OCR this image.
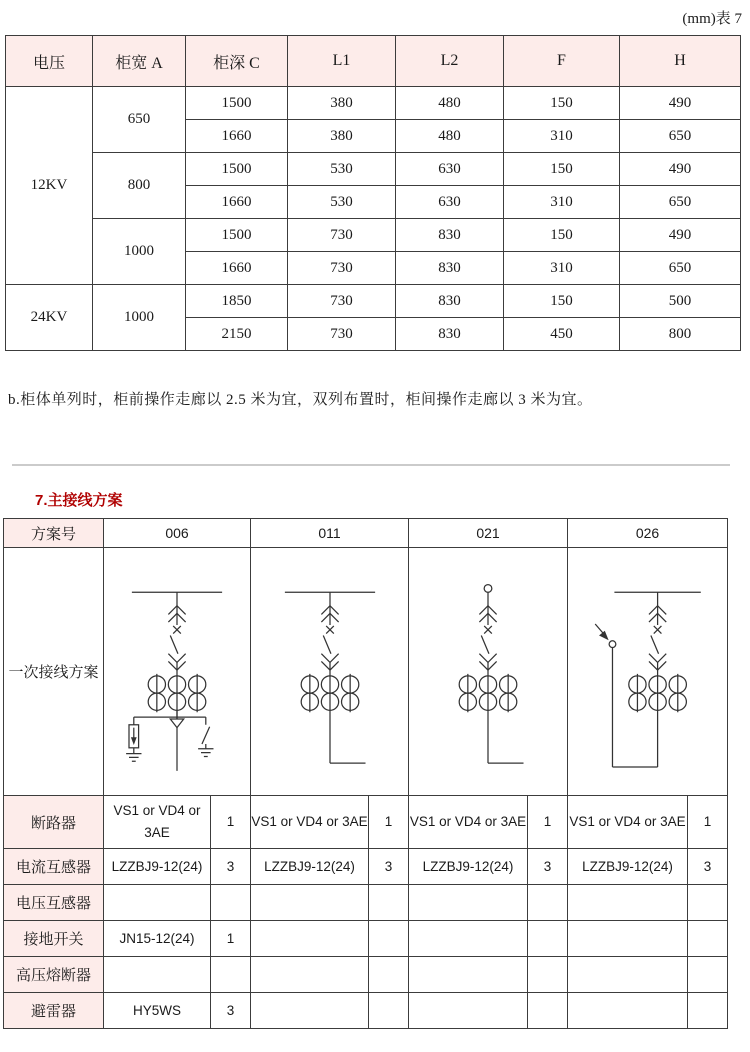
(mm)表 7
电压	柜宽 A	柜深 C	L1	L2	F	H
12KV	650	1500	380	480	150	490
		1660	380	480	310	650
	800	1500	530	630	150	490
		1660	530	630	310	650
	1000	1500	730	830	150	490
		1660	730	830	310	650
24KV	1000	1850	730	830	150	500
		2150	730	830	450	800
b.柜体单列时，柜前操作走廊以 2.5 米为宜，双列布置时，柜间操作走廊以 3 米为宜。
7.主接线方案
方案号	006		011		021		026	
一次接线方案	

断路器	VS1 or VD4 or 3AE	1	VS1 or VD4 or 3AE	1	VS1 or VD4 or 3AE	1	VS1 or VD4 or 3AE	1
电流互感器	LZZBJ9-12(24)	3	LZZBJ9-12(24)	3	LZZBJ9-12(24)	3	LZZBJ9-12(24)	3
电压互感器								
接地开关	JN15-12(24)	1						
高压熔断器								
避雷器	HY5WS	3						
